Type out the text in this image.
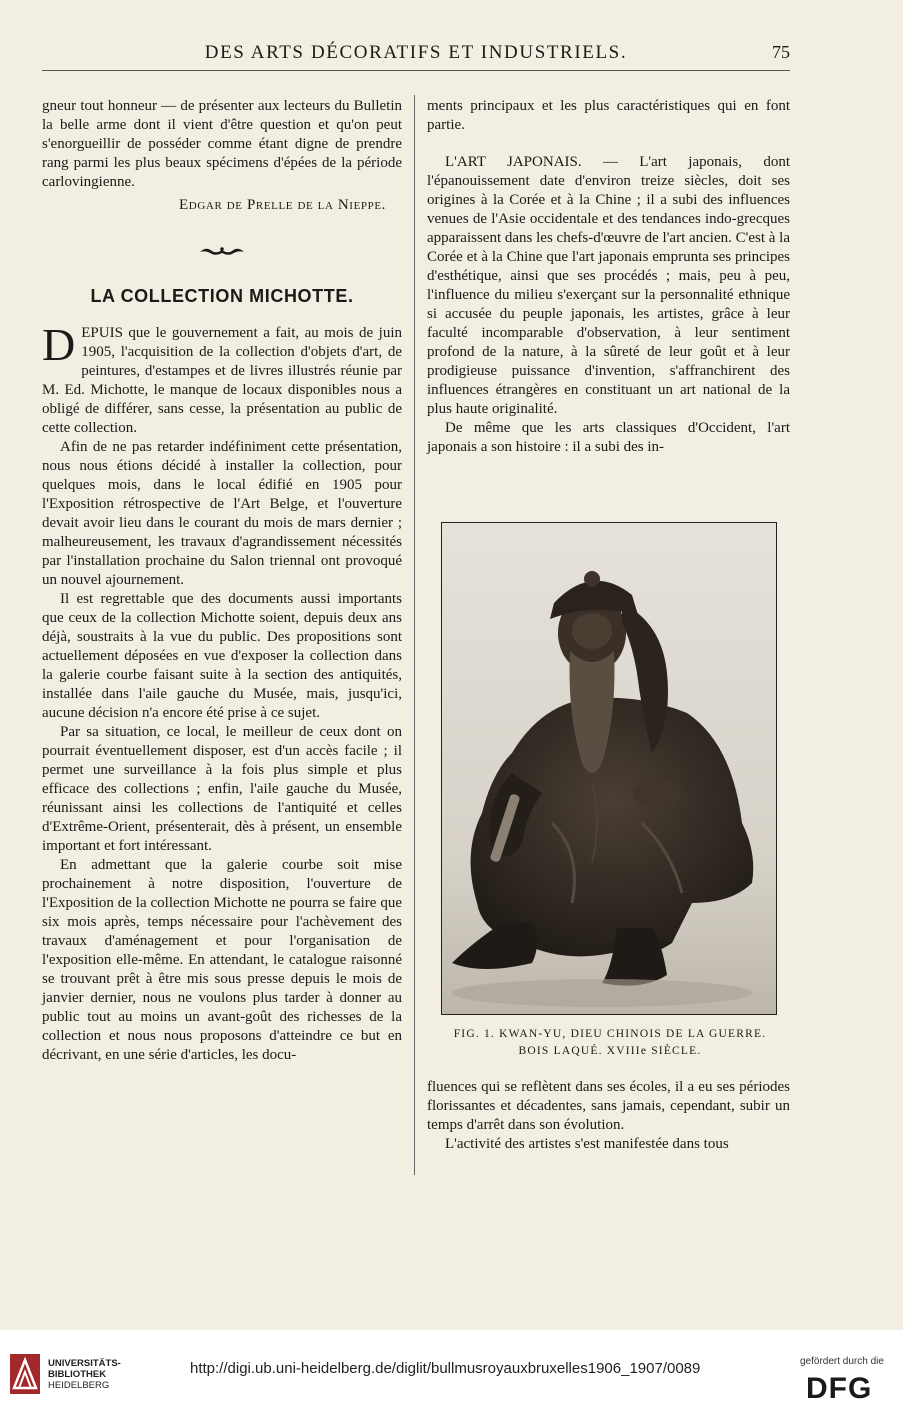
DES ARTS DÉCORATIFS ET INDUSTRIELS.	75

gneur tout honneur — de présenter aux lecteurs du Bulletin la belle arme dont il vient d'être question et qu'on peut s'enorgueillir de posséder comme étant digne de prendre rang parmi les plus beaux spécimens d'épées de la période carlovingienne.

Edgar de Prelle de la Nieppe.

LA COLLECTION MICHOTTE.

DEPUIS que le gouvernement a fait, au mois de juin 1905, l'acquisition de la collection d'objets d'art, de peintures, d'estampes et de livres illustrés réunie par M. Ed. Michotte, le manque de locaux disponibles nous a obligé de différer, sans cesse, la présentation au public de cette collection.

Afin de ne pas retarder indéfiniment cette présentation, nous nous étions décidé à installer la collection, pour quelques mois, dans le local édifié en 1905 pour l'Exposition rétrospective de l'Art Belge, et l'ouverture devait avoir lieu dans le courant du mois de mars dernier ; malheureusement, les travaux d'agrandissement nécessités par l'installation prochaine du Salon triennal ont provoqué un nouvel ajournement.

Il est regrettable que des documents aussi importants que ceux de la collection Michotte soient, depuis deux ans déjà, soustraits à la vue du public. Des propositions sont actuellement déposées en vue d'exposer la collection dans la galerie courbe faisant suite à la section des antiquités, installée dans l'aile gauche du Musée, mais, jusqu'ici, aucune décision n'a encore été prise à ce sujet.

Par sa situation, ce local, le meilleur de ceux dont on pourrait éventuellement disposer, est d'un accès facile ; il permet une surveillance à la fois plus simple et plus efficace des collections ; enfin, l'aile gauche du Musée, réunissant ainsi les collections de l'antiquité et celles d'Extrême-Orient, présenterait, dès à présent, un ensemble important et fort intéressant.

En admettant que la galerie courbe soit mise prochainement à notre disposition, l'ouverture de l'Exposition de la collection Michotte ne pourra se faire que six mois après, temps nécessaire pour l'achèvement des travaux d'aménagement et pour l'organisation de l'exposition elle-même. En attendant, le catalogue raisonné se trouvant prêt à être mis sous presse depuis le mois de janvier dernier, nous ne voulons plus tarder à donner au public tout au moins un avant-goût des richesses de la collection et nous nous proposons d'atteindre ce but en décrivant, en une série d'articles, les docu-

ments principaux et les plus caractéristiques qui en font partie.

L'ART JAPONAIS. — L'art japonais, dont l'épanouissement date d'environ treize siècles, doit ses origines à la Corée et à la Chine ; il a subi des influences venues de l'Asie occidentale et des tendances indo-grecques apparaissent dans les chefs-d'œuvre de l'art ancien. C'est à la Corée et à la Chine que l'art japonais emprunta ses principes d'esthétique, ainsi que ses procédés ; mais, peu à peu, l'influence du milieu s'exerçant sur la personnalité ethnique si accusée du peuple japonais, les artistes, grâce à leur faculté incomparable d'observation, à leur sentiment profond de la nature, à la sûreté de leur goût et à leur prodigieuse puissance d'invention, s'affranchirent des influences étrangères en constituant un art national de la plus haute originalité.

De même que les arts classiques d'Occident, l'art japonais a son histoire : il a subi des in-

FIG. 1. KWAN-YU, DIEU CHINOIS DE LA GUERRE.
BOIS LAQUÉ. XVIIIe SIÈCLE.

fluences qui se reflètent dans ses écoles, il a eu ses périodes florissantes et décadentes, sans jamais, cependant, subir un temps d'arrêt dans son évolution.

L'activité des artistes s'est manifestée dans tous

UNIVERSITÄTS-
BIBLIOTHEK
HEIDELBERG
http://digi.ub.uni-heidelberg.de/diglit/bullmusroyauxbruxelles1906_1907/0089	gefördert durch die
DFG
